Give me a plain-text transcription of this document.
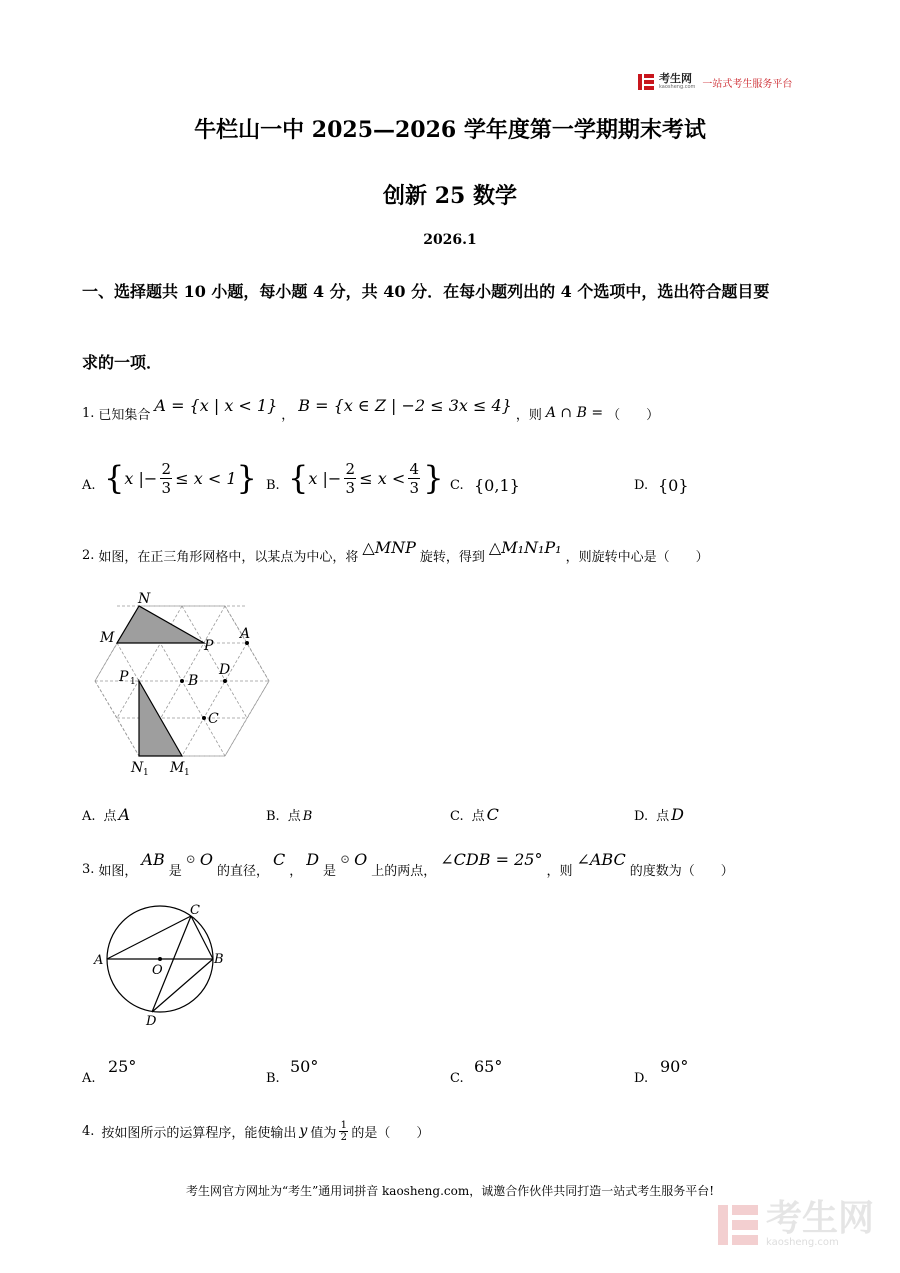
考生网
kaosheng.com 一站式考生服务平台
牛栏山一中 2025—2026 学年度第一学期期末考试
创新 25 数学
2026.1
一、选择题共 10 小题，每小题 4 分，共 40 分．在每小题列出的 4 个选项中，选出符合题目要
求的一项．
1. 已知集合
A = {x | x < 1}
，
B = {x ∈ Z | −2 ≤ 3x ≤ 4}
，则 A ∩ B = （　　）
A. { x | − 2
3 ≤ x < 1 } B. { x | − 2
3 ≤ x < 4
3 } C. {0,1}	D. {0}
2. 如图，在正三角形网格中，以某点为中心，将
△MNP
旋转，得到
△M₁N₁P₁
，则旋转中心是（　　）
N
M	P
A
D
P 1	B
C
N 1 M 1
A. 点 A	B. 点 B	C. 点 C	D. 点 D
3. 如图，
AB
是
⊙ O
的直径，
C
，
D
是
⊙ O
上的两点，
∠CDB = 25°
，则
∠ABC
的度数为（　　）
A	B
C
D
O
A.
25°
B.
50°
C.
65°
D.
90°
4. 按如图所示的运算程序，能使输出 y 值为
1
2 的是（　　）
考生网官方网址为“考生”通用词拼音 kaosheng.com，诚邀合作伙伴共同打造一站式考生服务平台!
考生网
kaosheng.com
